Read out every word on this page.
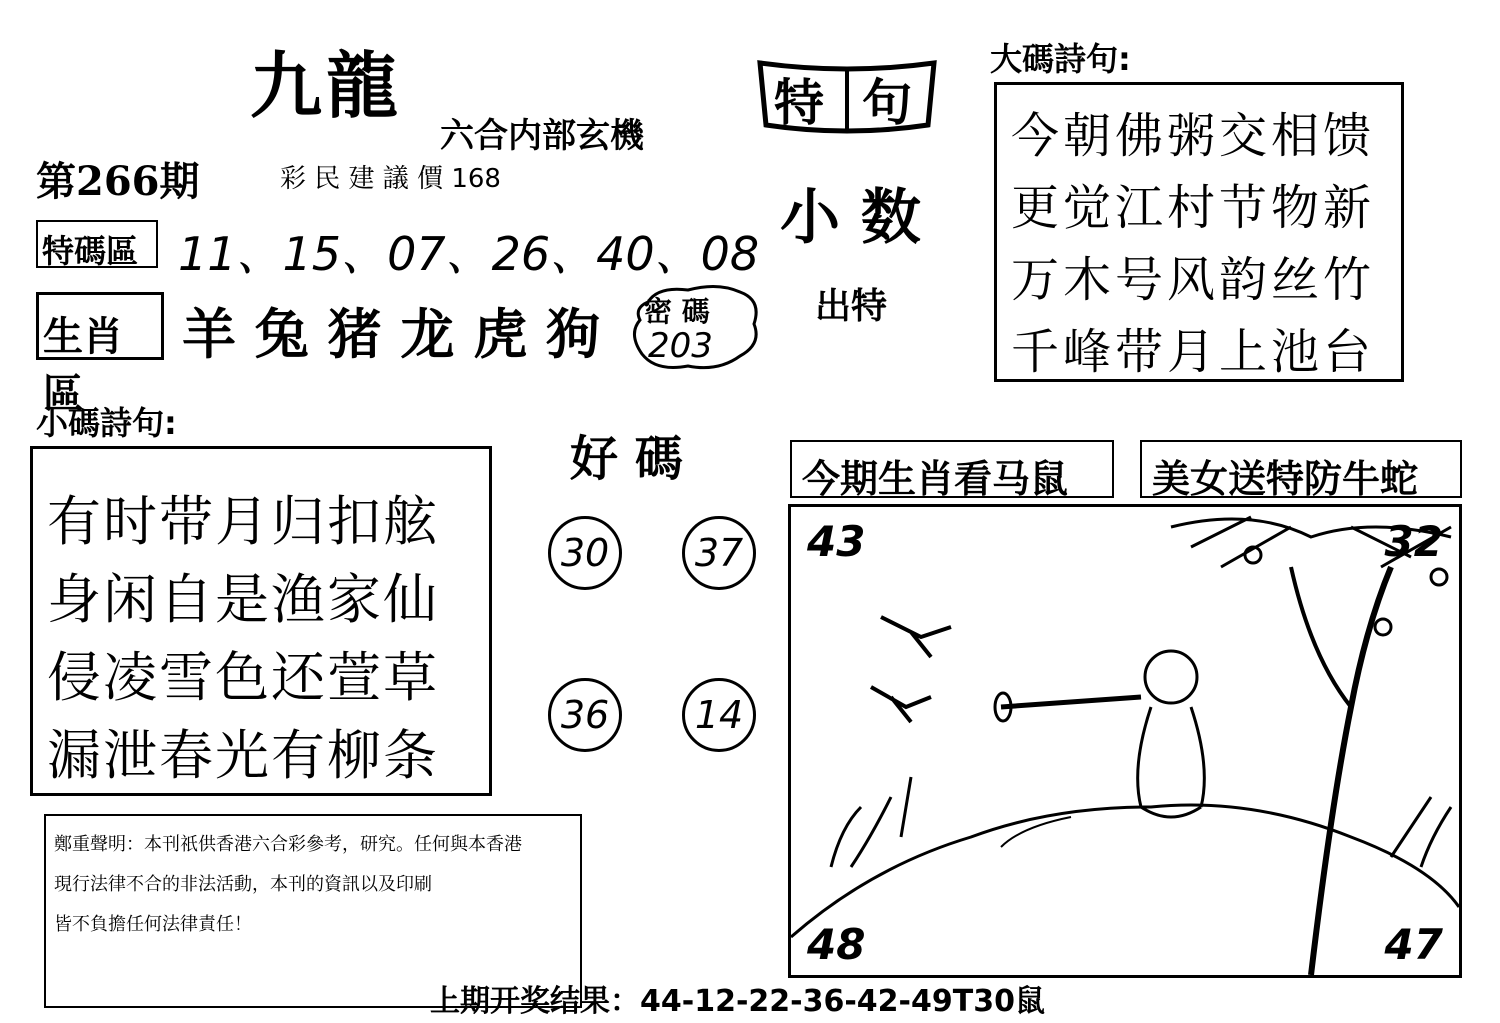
九龍
六合内部玄機
第266期	彩 民 建 議 價 168
特 句
小 数
出特
特碼區 11、15、07、26、40、08
生肖區
羊 兔 猪 龙 虎 狗 密 碼
203
大碼詩句:
今朝佛粥交相馈
更觉江村节物新
万木号风韵丝竹
千峰带月上池台
小碼詩句:
有时带月归扣舷
身闲自是渔家仙
侵凌雪色还萱草
漏泄春光有柳条
好 碼
30	37
36	14
今期生肖看马鼠 美女送特防牛蛇
43	32
48	47
鄭重聲明：本刊祇供香港六合彩參考，研究。任何與本香港
現行法律不合的非法活動，本刊的資訊以及印刷
皆不負擔任何法律責任！
上期开奖结果：44-12-22-36-42-49T30鼠
